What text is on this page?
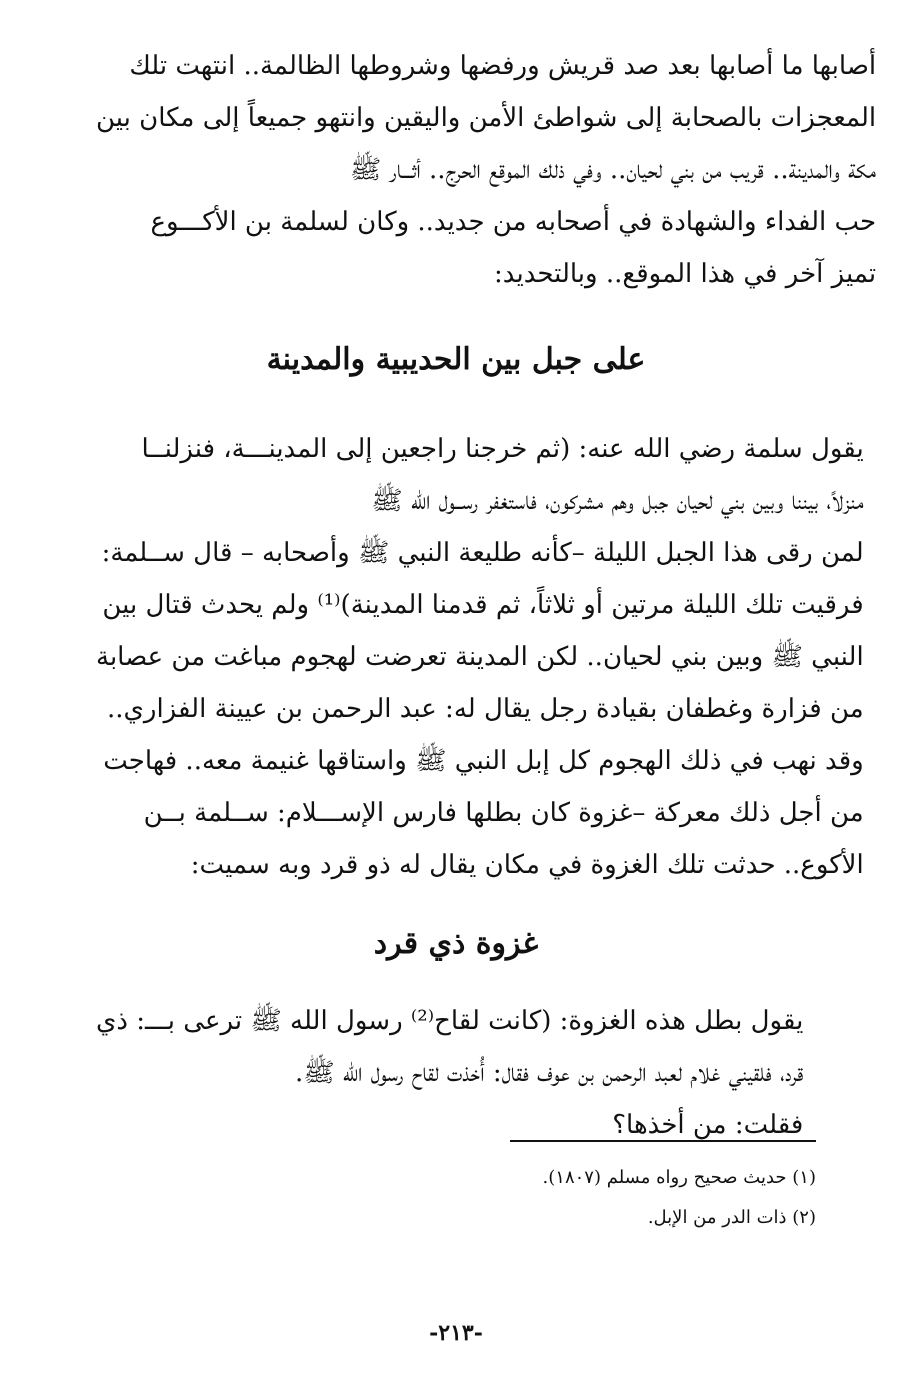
أصابها ما أصابها بعد صد قريش ورفضها وشروطها الظالمة.. انتهت تلك
المعجزات بالصحابة إلى شواطئ الأمن واليقين وانتهو جميعاً إلى مكان بين
مكة والمدينة.. قريب من بني لحيان.. وفي ذلك الموقع الحرج.. أثـــار ﷺ
حب الفداء والشهادة في أصحابه من جديد.. وكان لسلمة بن الأكـــوع
تميز آخر في هذا الموقع.. وبالتحديد:
على جبل بين الحديبية والمدينة
يقول سلمة رضي الله عنه: (ثم خرجنا راجعين إلى المدينـــة، فنزلنــا
منزلاً، بيننا وبين بني لحيان جبل وهم مشركون، فاستغفر رســول الله ﷺ
لمن رقى هذا الجبل الليلة –كأنه طليعة النبي ﷺ وأصحابه – قال ســلمة:
فرقيت تلك الليلة مرتين أو ثلاثاً، ثم قدمنا المدينة)⁽¹⁾ ولم يحدث قتال بين
النبي ﷺ وبين بني لحيان.. لكن المدينة تعرضت لهجوم مباغت من عصابة
من فزارة وغطفان بقيادة رجل يقال له: عبد الرحمن بن عيينة الفزاري..
وقد نهب في ذلك الهجوم كل إبل النبي ﷺ واستاقها غنيمة معه.. فهاجت
من أجل ذلك معركة –غزوة كان بطلها فارس الإســـلام: ســلمة بــن
الأكوع.. حدثت تلك الغزوة في مكان يقال له ذو قرد وبه سميت:
غزوة ذي قرد
يقول بطل هذه الغزوة: (كانت لقاح⁽²⁾ رسول الله ﷺ ترعى بـــ: ذي
قرد، فلقيني غلام لعبد الرحمن بن عوف فقال: أُخذت لقاح رسول الله ﷺ.
فقلت: من أخذها؟
(١) حديث صحيح رواه مسلم (١٨٠٧).
(٢) ذات الدر من الإبل.
-٢١٣-
